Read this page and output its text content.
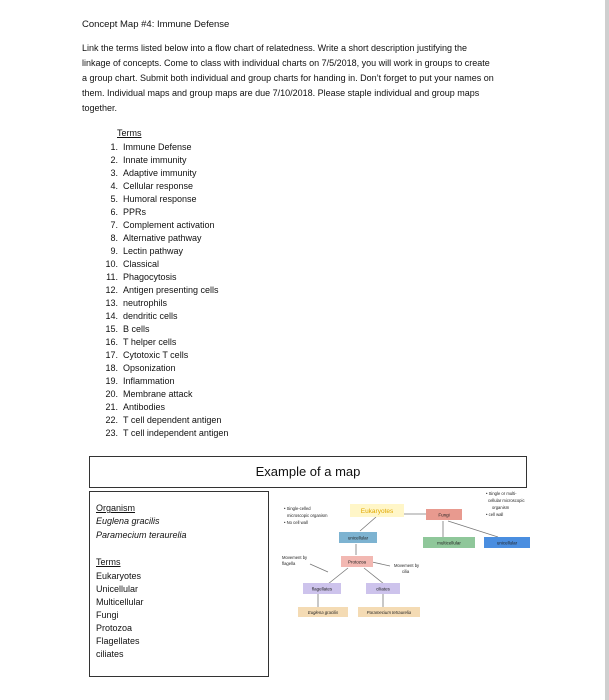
Concept Map #4: Immune Defense
Link the terms listed below into a flow chart of relatedness. Write a short description justifying the
linkage of concepts. Come to class with individual charts on 7/5/2018, you will work in groups to create
a group chart. Submit both individual and group charts for handing in. Don’t forget to put your names on
them. Individual maps and group maps are due 7/10/2018. Please staple individual and group maps
together.
Terms
1. Immune Defense
2. Innate immunity
3. Adaptive immunity
4. Cellular response
5. Humoral response
6. PPRs
7. Complement activation
8. Alternative pathway
9. Lectin pathway
10. Classical
11. Phagocytosis
12. Antigen presenting cells
13. neutrophils
14. dendritic cells
15. B cells
16. T helper cells
17. Cytotoxic T cells
18. Opsonization
19. Inflammation
20. Membrane attack
21. Antibodies
22. T cell dependent antigen
23. T cell independent antigen
Example of a map
Organism
Euglena gracilis
Paramecium teraurelia
Terms
Eukaryotes
Unicellular
Multicellular
Fungi
Protozoa
Flagellates
ciliates
• Single-celled
microscopic organism
• No cell wall
• Single or multi-
cellular microscopic
organism
• cell wall
Eukaryotes
unicellular
Protozoa
flagellates	ciliates
Euglena gracilis	Paramecium tetraurelia
Fungi
multicellular	unicellular
Movement by
flagella	Movement by
cilia
